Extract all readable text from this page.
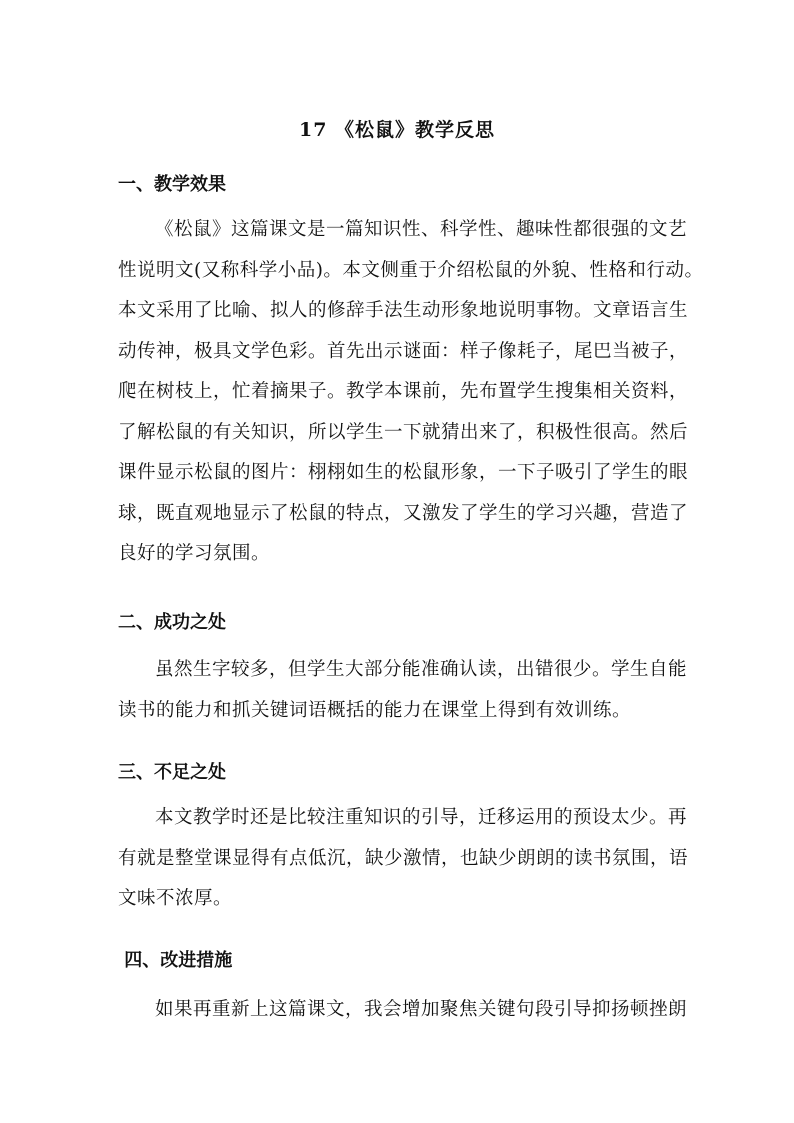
17 《松鼠》教学反思
一、教学效果
《松鼠》这篇课文是一篇知识性、科学性、趣味性都很强的文艺
性说明文(又称科学小品)。本文侧重于介绍松鼠的外貌、性格和行动。
本文采用了比喻、拟人的修辞手法生动形象地说明事物。文章语言生
动传神，极具文学色彩。首先出示谜面：样子像耗子，尾巴当被子，
爬在树枝上，忙着摘果子。教学本课前，先布置学生搜集相关资料，
了解松鼠的有关知识，所以学生一下就猜出来了，积极性很高。然后
课件显示松鼠的图片：栩栩如生的松鼠形象，一下子吸引了学生的眼
球，既直观地显示了松鼠的特点，又激发了学生的学习兴趣，营造了
良好的学习氛围。
二、成功之处
虽然生字较多，但学生大部分能准确认读，出错很少。学生自能
读书的能力和抓关键词语概括的能力在课堂上得到有效训练。
三、不足之处
本文教学时还是比较注重知识的引导，迁移运用的预设太少。再
有就是整堂课显得有点低沉，缺少激情，也缺少朗朗的读书氛围，语
文味不浓厚。
四、改进措施
如果再重新上这篇课文，我会增加聚焦关键句段引导抑扬顿挫朗
